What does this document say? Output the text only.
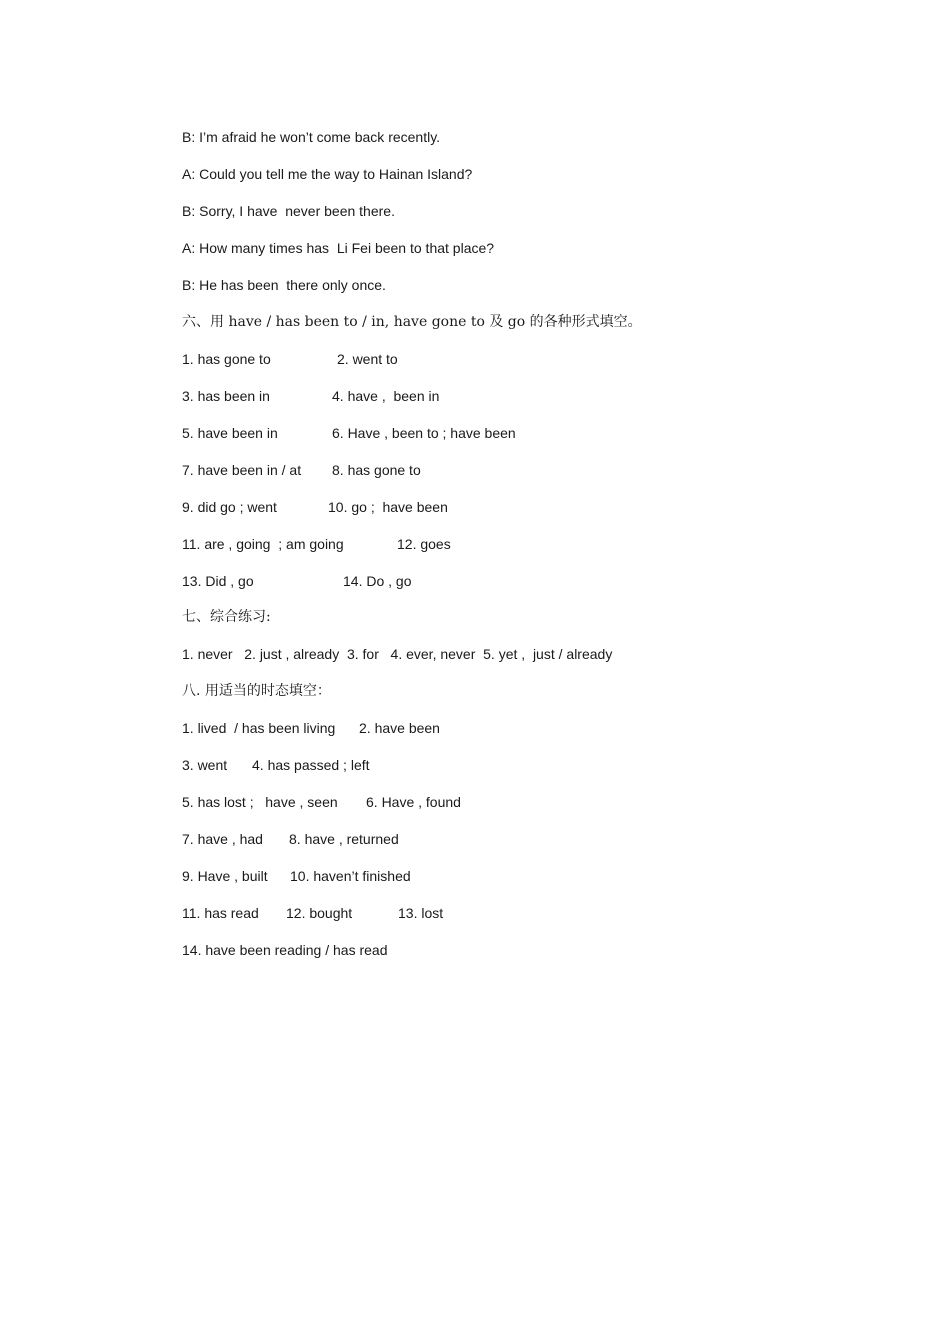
B: I’m afraid he won’t come back recently.
A: Could you tell me the way to Hainan Island?
B: Sorry, I have  never been there.
A: How many times has  Li Fei been to that place?
B: He has been  there only once.
六、用 have / has been to / in, have gone to 及 go 的各种形式填空。
1. has gone to	2. went to
3. has been in	4. have ,  been in
5. have been in	6. Have , been to ; have been
7. have been in / at 8. has gone to
9. did go ; went	10. go ;  have been
11. are , going  ; am going	12. goes
13. Did , go	14. Do , go
七、综合练习:
1. never   2. just , already  3. for   4. ever, never  5. yet ,  just / already
八. 用适当的时态填空：
1. lived  / has been living 2. have been
3. went 4. has passed ; left
5. has lost ;   have , seen 6. Have , found
7. have , had 8. have , returned
9. Have , built 10. haven’t finished
11. has read 12. bought	13. lost
14. have been reading / has read
